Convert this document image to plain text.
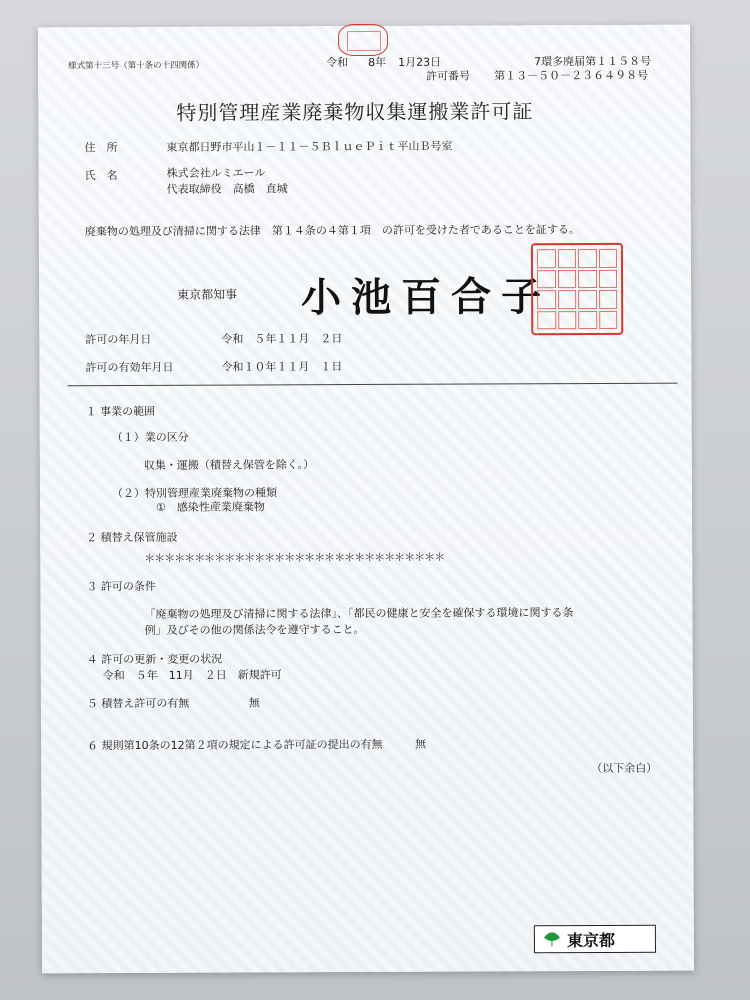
様式第十三号（第十条の十四関係）	令和 8年 1月23日	7環多廃届第１１５８号
許可番号 第１３－５０－２３６４９８号
特別管理産業廃棄物収集運搬業許可証
住　所	東京都日野市平山１－１１－５ＢｌｕｅＰｉｔ平山Ｂ号室
氏　名	株式会社ルミエール
代表取締役　高橋　直城
廃棄物の処理及び清掃に関する法律　第１４条の４第１項　の許可を受けた者であることを証する。
東京都知事 小池百合子
許可の年月日	令和　５年１１月　２日
許可の有効年月日	令和１０年１１月　１日
１ 事業の範囲
（１）業の区分
収集・運搬（積替え保管を除く。）
（２）特別管理産業廃棄物の種類
①　感染性産業廃棄物
２ 積替え保管施設
＊＊＊＊＊＊＊＊＊＊＊＊＊＊＊＊＊＊＊＊＊＊＊＊＊＊＊＊＊＊
３ 許可の条件
「廃棄物の処理及び清掃に関する法律」、「都民の健康と安全を確保する環境に関する条
例」及びその他の関係法令を遵守すること。
４ 許可の更新・変更の状況
令和　５年　11月　２日　新規許可
５ 積替え許可の有無	無
６ 規則第10条の12第２項の規定による許可証の提出の有無	無
（以下余白）
東京都
